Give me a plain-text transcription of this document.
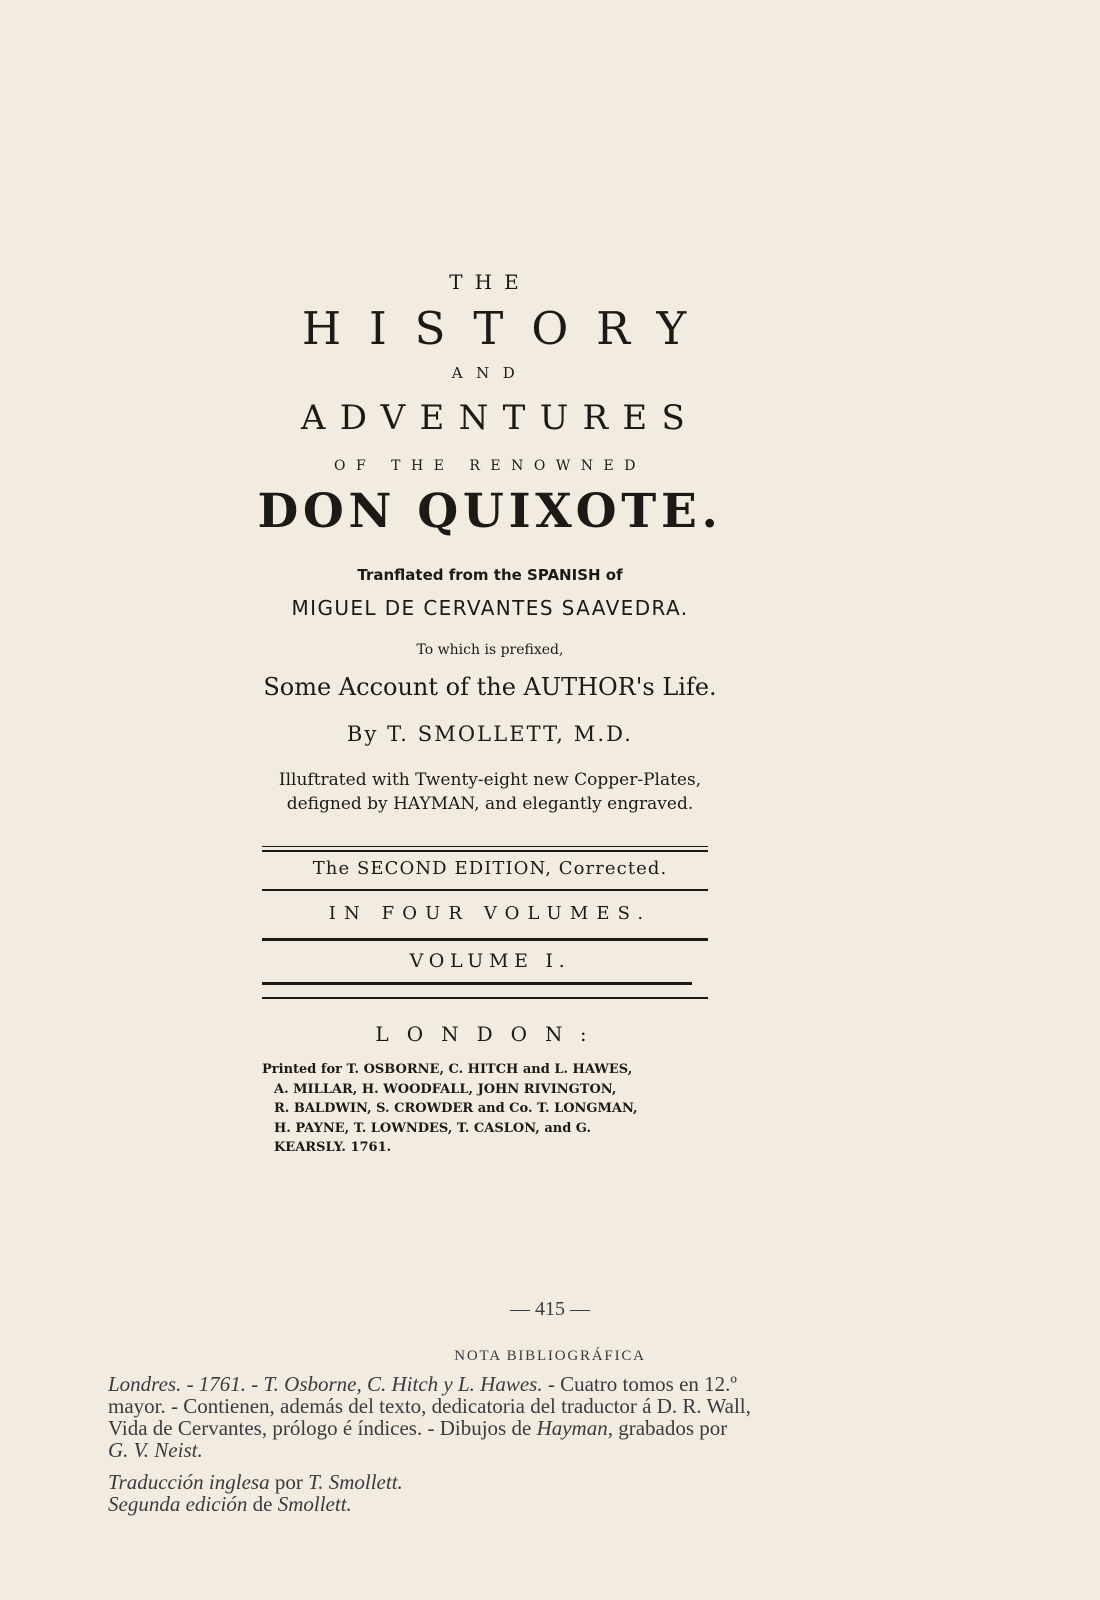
THE
HISTORY
AND
ADVENTURES
OF THE RENOWNED
DON QUIXOTE.
Tranflated from the SPANISH of
MIGUEL DE CERVANTES SAAVEDRA.
To which is prefixed,
Some Account of the AUTHOR's Life.
By T. SMOLLETT, M.D.
Illuftrated with Twenty-eight new Copper-Plates,
defigned by HAYMAN, and elegantly engraved.
The SECOND EDITION, Corrected.
IN FOUR VOLUMES.
VOLUME I.
LONDON:
Printed for T. OSBORNE, C. HITCH and L. HAWES,
A. MILLAR, H. WOODFALL, JOHN RIVINGTON,
R. BALDWIN, S. CROWDER and Co. T. LONGMAN,
H. PAYNE, T. LOWNDES, T. CASLON, and G.
KEARSLY. 1761.
— 415 —
NOTA BIBLIOGRÁFICA
Londres. - 1761. - T. Osborne, C. Hitch y L. Hawes. - Cuatro tomos en 12.º
mayor. - Contienen, además del texto, dedicatoria del traductor á D. R. Wall,
Vida de Cervantes, prólogo é índices. - Dibujos de Hayman, grabados por
G. V. Neist.
Traducción inglesa por T. Smollett.
Segunda edición de Smollett.
